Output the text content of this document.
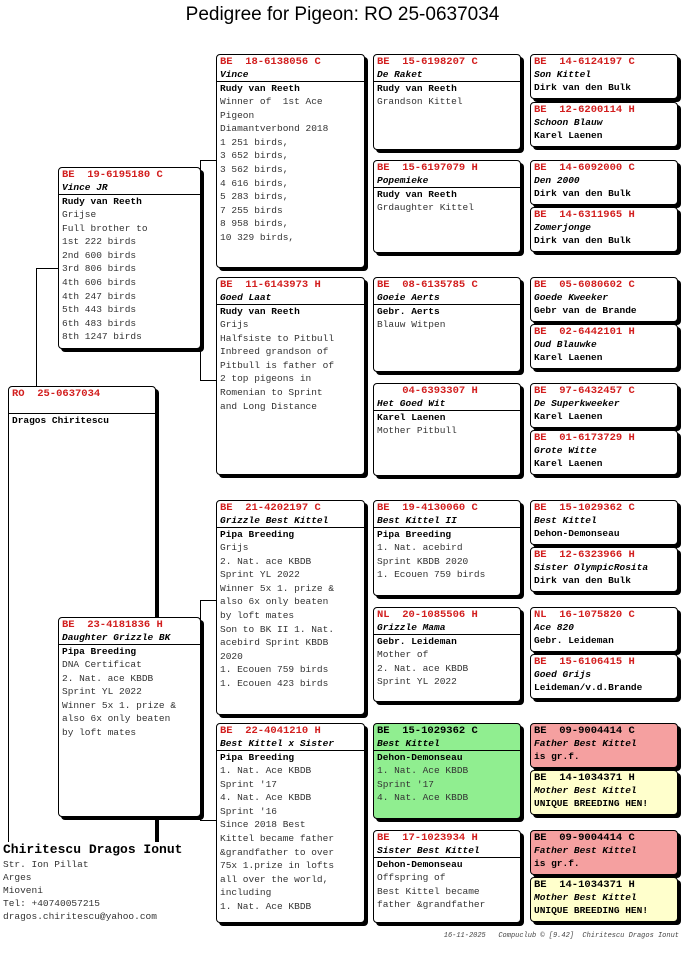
Pedigree for Pigeon: RO 25-0637034
RO  25-0637034
Dragos Chiritescu
Chiritescu Dragos Ionut
Str. Ion Pillat
Arges
Mioveni
Tel: +40740057215
dragos.chiritescu@yahoo.com
BE  19-6195180 C
Vince JR
Rudy van Reeth
Grijse
Full brother to
1st 222 birds
2nd 600 birds
3rd 806 birds
4th 606 birds
4th 247 birds
5th 443 birds
6th 483 birds
8th 1247 birds
BE  23-4181836 H
Daughter Grizzle BK
Pipa Breeding
DNA Certificat
2. Nat. ace KBDB
Sprint YL 2022
Winner 5x 1. prize &
also 6x only beaten
by loft mates
BE  18-6138056 C
Vince
Rudy van Reeth
Winner of  1st Ace
Pigeon
Diamantverbond 2018
1 251 birds,
3 652 birds,
3 562 birds,
4 616 birds,
5 283 birds,
7 255 birds
8 958 birds,
10 329 birds,
BE  11-6143973 H
Goed Laat
Rudy van Reeth
Grijs
Halfsiste to Pitbull
Inbreed grandson of
Pitbull is father of
2 top pigeons in
Romenian to Sprint
and Long Distance
BE  21-4202197 C
Grizzle Best Kittel
Pipa Breeding
Grijs
2. Nat. ace KBDB
Sprint YL 2022
Winner 5x 1. prize &
also 6x only beaten
by loft mates
Son to BK II 1. Nat.
acebird Sprint KBDB
2020
1. Ecouen 759 birds
1. Ecouen 423 birds
BE  22-4041210 H
Best Kittel x Sister
Pipa Breeding
1. Nat. Ace KBDB
Sprint '17
4. Nat. Ace KBDB
Sprint '16
Since 2018 Best
Kittel became father
&grandfather to over
75x 1.prize in lofts
all over the world,
including
1. Nat. Ace KBDB
BE  15-6198207 C
De Raket
Rudy van Reeth
Grandson Kittel
BE  15-6197079 H
Popemieke
Rudy van Reeth
Grdaughter Kittel
BE  08-6135785 C
Goeie Aerts
Gebr. Aerts
Blauw Witpen
04-6393307 H
Het Goed Wit
Karel Laenen
Mother Pitbull
BE  19-4130060 C
Best Kittel II
Pipa Breeding
1. Nat. acebird
Sprint KBDB 2020
1. Ecouen 759 birds
NL  20-1085506 H
Grizzle Mama
Gebr. Leideman
Mother of
2. Nat. ace KBDB
Sprint YL 2022
BE  15-1029362 C
Best Kittel
Dehon-Demonseau
1. Nat. Ace KBDB
Sprint '17
4. Nat. Ace KBDB
BE  17-1023934 H
Sister Best Kittel
Dehon-Demonseau
Offspring of
Best Kittel became
father &grandfather
BE  14-6124197 C
Son Kittel
Dirk van den Bulk
BE  12-6200114 H
Schoon Blauw
Karel Laenen
BE  14-6092000 C
Den 2000
Dirk van den Bulk
BE  14-6311965 H
Zomerjonge
Dirk van den Bulk
BE  05-6080602 C
Goede Kweeker
Gebr van de Brande
BE  02-6442101 H
Oud Blauwke
Karel Laenen
BE  97-6432457 C
De Superkweeker
Karel Laenen
BE  01-6173729 H
Grote Witte
Karel Laenen
BE  15-1029362 C
Best Kittel
Dehon-Demonseau
BE  12-6323966 H
Sister OlympicRosita
Dirk van den Bulk
NL  16-1075820 C
Ace 820
Gebr. Leideman
BE  15-6106415 H
Goed Grijs
Leideman/v.d.Brande
BE  09-9004414 C
Father Best Kittel
is gr.f.
BE  14-1034371 H
Mother Best Kittel
UNIQUE BREEDING HEN!
BE  09-9004414 C
Father Best Kittel
is gr.f.
BE  14-1034371 H
Mother Best Kittel
UNIQUE BREEDING HEN!
16-11-2025   Compuclub © [9.42]  Chiritescu Dragos Ionut
